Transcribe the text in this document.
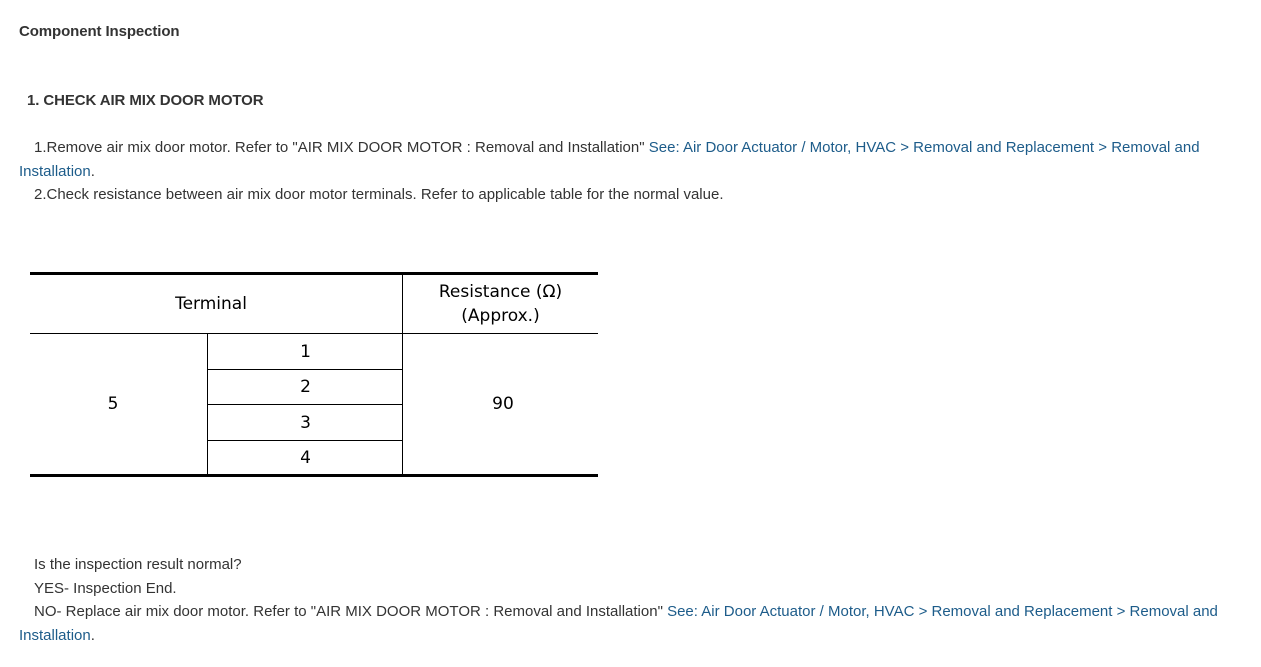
Component Inspection
1. CHECK AIR MIX DOOR MOTOR
1.Remove air mix door motor. Refer to "AIR MIX DOOR MOTOR : Removal and Installation" See: Air Door Actuator / Motor, HVAC > Removal and Replacement > Removal and Installation.
2.Check resistance between air mix door motor terminals. Refer to applicable table for the normal value.
Terminal
Resistance (Ω)
(Approx.)
5
1
2
3
4
90
Is the inspection result normal?
YES- Inspection End.
NO- Replace air mix door motor. Refer to "AIR MIX DOOR MOTOR : Removal and Installation" See: Air Door Actuator / Motor, HVAC > Removal and Replacement > Removal and Installation.
